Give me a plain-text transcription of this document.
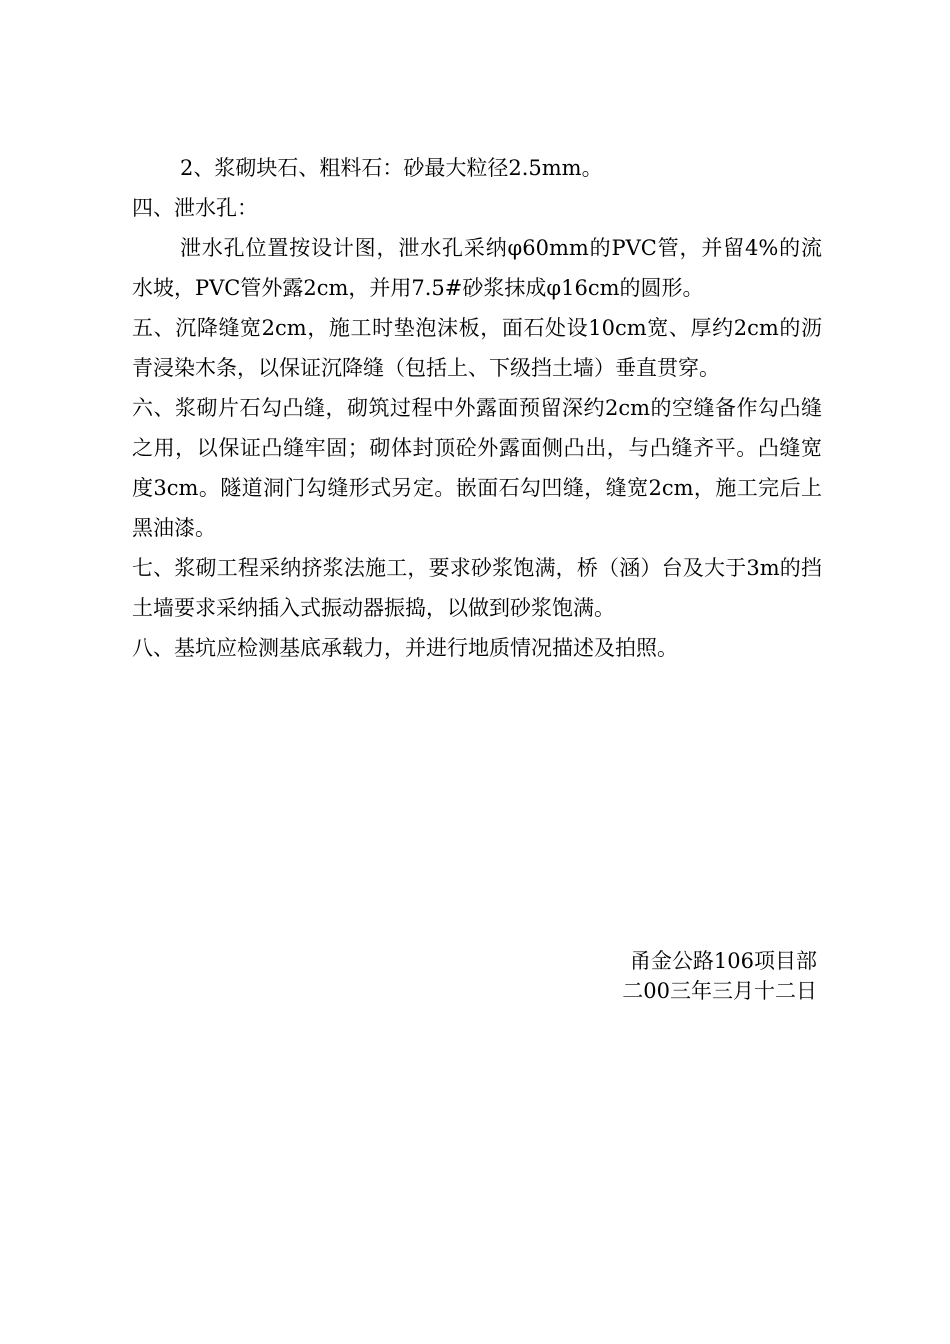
2、浆砌块石、粗料石：砂最大粒径2.5mm。

四、泄水孔：

泄水孔位置按设计图，泄水孔采纳φ60mm的PVC管，并留4%的流水坡，PVC管外露2cm，并用7.5#砂浆抹成φ16cm的圆形。

五、沉降缝宽2cm，施工时垫泡沫板，面石处设10cm宽、厚约2cm的沥青浸染木条，以保证沉降缝（包括上、下级挡土墙）垂直贯穿。

六、浆砌片石勾凸缝，砌筑过程中外露面预留深约2cm的空缝备作勾凸缝之用，以保证凸缝牢固；砌体封顶砼外露面侧凸出，与凸缝齐平。凸缝宽度3cm。隧道洞门勾缝形式另定。嵌面石勾凹缝，缝宽2cm，施工完后上黑油漆。

七、浆砌工程采纳挤浆法施工，要求砂浆饱满，桥（涵）台及大于3m的挡土墙要求采纳插入式振动器振捣，以做到砂浆饱满。

八、基坑应检测基底承载力，并进行地质情况描述及拍照。

甬金公路106项目部
二00三年三月十二日
